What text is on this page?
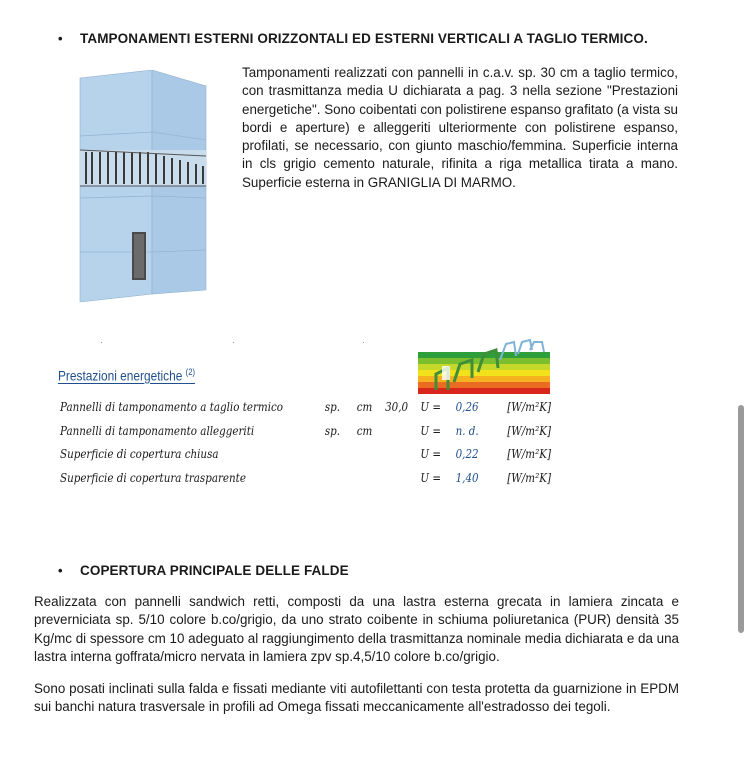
• TAMPONAMENTI ESTERNI ORIZZONTALI ED ESTERNI VERTICALI A TAGLIO TERMICO.
Tamponamenti realizzati con pannelli in c.a.v. sp. 30 cm a taglio termico, con trasmittanza media U dichiarata a pag. 3 nella sezione "Prestazioni energetiche". Sono coibentati con polistirene espanso grafitato (a vista su bordi e aperture) e alleggeriti ulteriormente con polistirene espanso, profilati, se necessario, con giunto maschio/femmina. Superficie interna in cls grigio cemento naturale, rifinita a riga metallica tirata a mano. Superficie esterna in GRANIGLIA DI MARMO.
·	·	·
Prestazioni energetiche $^{(2)}$
Pannelli di tamponamento a taglio termico	sp. cm 30,0 U = 0,26 [W/m²K]
Pannelli di tamponamento alleggeriti	sp. cm	U = n. d. [W/m²K]
Superficie di copertura chiusa	U = 0,22 [W/m²K]
Superficie di copertura trasparente	U = 1,40 [W/m²K]
• COPERTURA PRINCIPALE DELLE FALDE
Realizzata con pannelli sandwich retti, composti da una lastra esterna grecata in lamiera zincata e preverniciata sp. 5/10 colore b.co/grigio, da uno strato coibente in schiuma poliuretanica (PUR) densità 35 Kg/mc di spessore cm 10 adeguato al raggiungimento della trasmittanza nominale media dichiarata e da una lastra interna goffrata/micro nervata in lamiera zpv sp.4,5/10 colore b.co/grigio.
Sono posati inclinati sulla falda e fissati mediante viti autofilettanti con testa protetta da guarnizione in EPDM sui banchi natura trasversale in profili ad Omega fissati meccanicamente all'estradosso dei tegoli.
